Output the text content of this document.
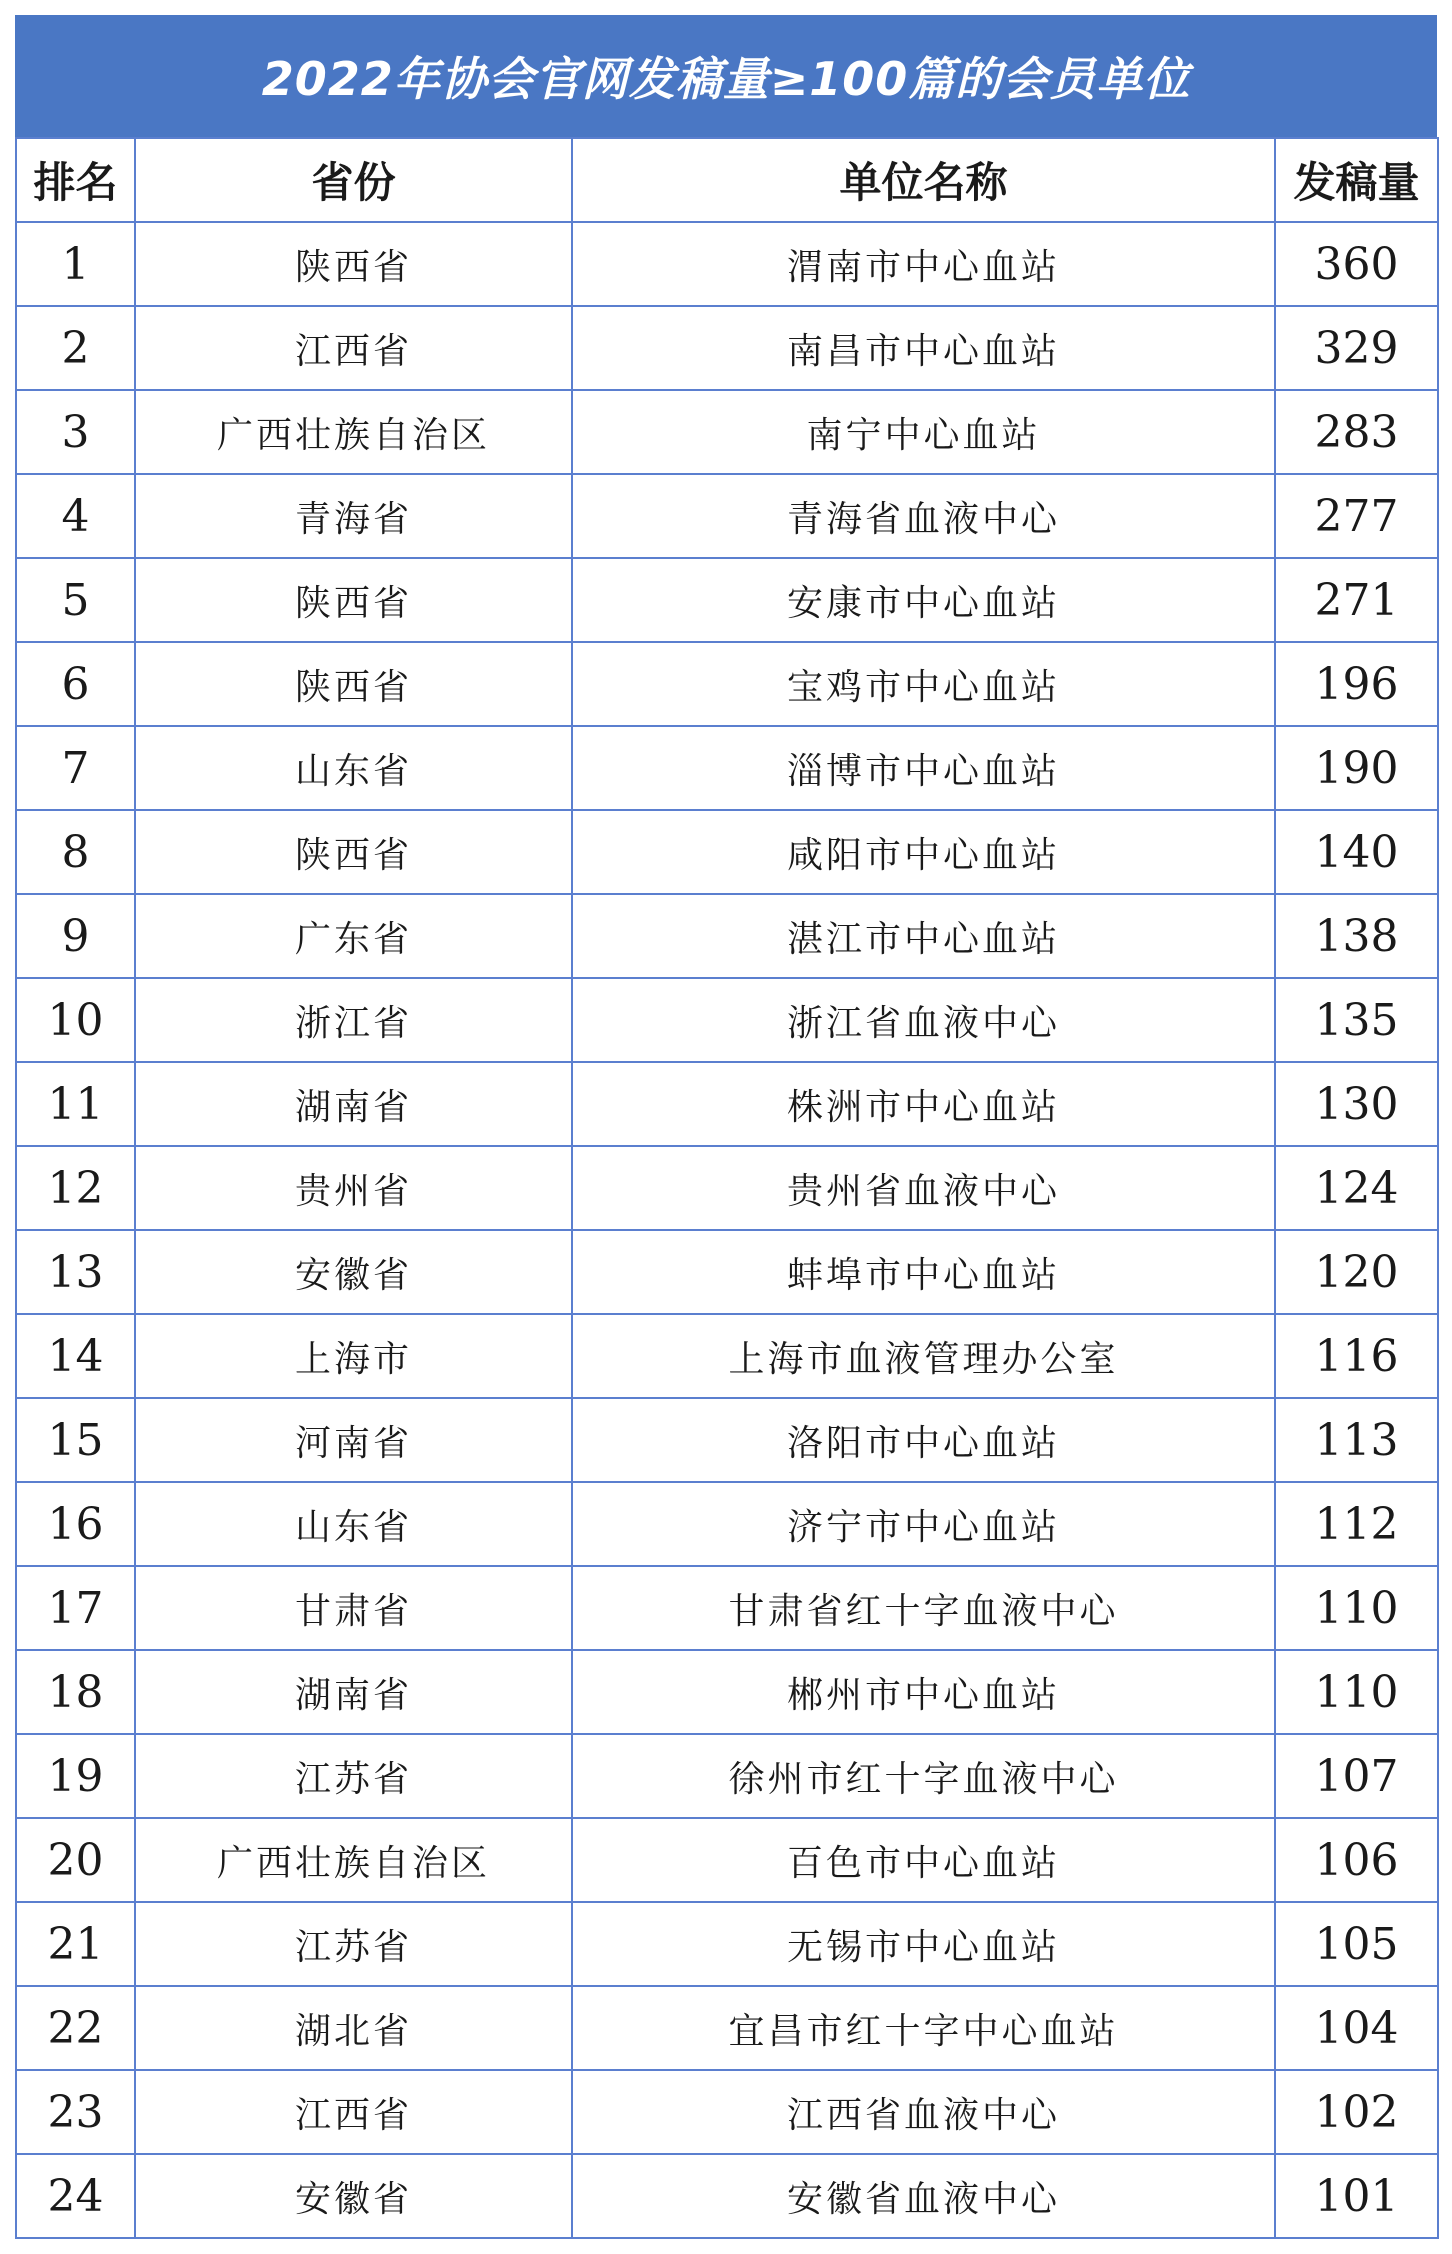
2022年协会官网发稿量≥100篇的会员单位
排名	省份	单位名称	发稿量
1	陕西省	渭南市中心血站	360
2	江西省	南昌市中心血站	329
3	广西壮族自治区	南宁中心血站	283
4	青海省	青海省血液中心	277
5	陕西省	安康市中心血站	271
6	陕西省	宝鸡市中心血站	196
7	山东省	淄博市中心血站	190
8	陕西省	咸阳市中心血站	140
9	广东省	湛江市中心血站	138
10	浙江省	浙江省血液中心	135
11	湖南省	株洲市中心血站	130
12	贵州省	贵州省血液中心	124
13	安徽省	蚌埠市中心血站	120
14	上海市	上海市血液管理办公室	116
15	河南省	洛阳市中心血站	113
16	山东省	济宁市中心血站	112
17	甘肃省	甘肃省红十字血液中心	110
18	湖南省	郴州市中心血站	110
19	江苏省	徐州市红十字血液中心	107
20	广西壮族自治区	百色市中心血站	106
21	江苏省	无锡市中心血站	105
22	湖北省	宜昌市红十字中心血站	104
23	江西省	江西省血液中心	102
24	安徽省	安徽省血液中心	101
